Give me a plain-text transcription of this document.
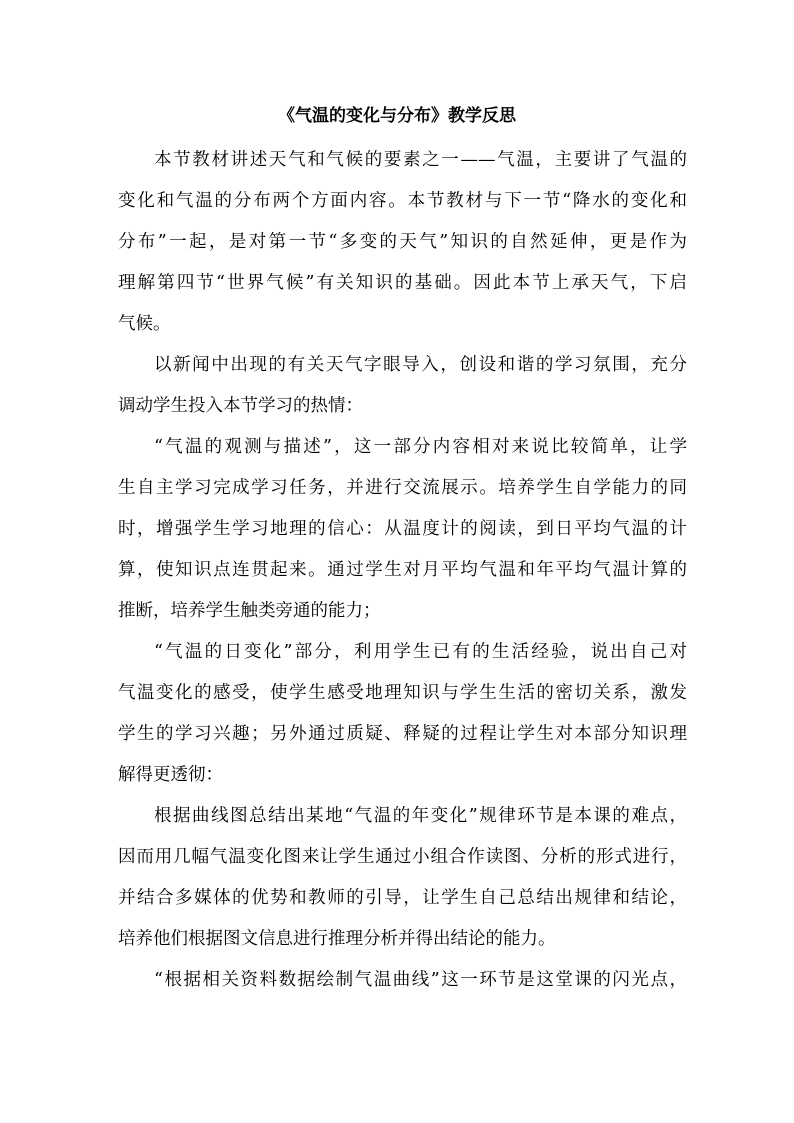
《气温的变化与分布》教学反思
本节教材讲述天气和气候的要素之一——气温，主要讲了气温的
变化和气温的分布两个方面内容。本节教材与下一节“降水的变化和
分布”一起，是对第一节“多变的天气”知识的自然延伸，更是作为
理解第四节“世界气候”有关知识的基础。因此本节上承天气，下启
气候。
以新闻中出现的有关天气字眼导入，创设和谐的学习氛围，充分
调动学生投入本节学习的热情：
“气温的观测与描述”，这一部分内容相对来说比较简单，让学
生自主学习完成学习任务，并进行交流展示。培养学生自学能力的同
时，增强学生学习地理的信心：从温度计的阅读，到日平均气温的计
算，使知识点连贯起来。通过学生对月平均气温和年平均气温计算的
推断，培养学生触类旁通的能力；
“气温的日变化”部分，利用学生已有的生活经验，说出自己对
气温变化的感受，使学生感受地理知识与学生生活的密切关系，激发
学生的学习兴趣；另外通过质疑、释疑的过程让学生对本部分知识理
解得更透彻：
根据曲线图总结出某地“气温的年变化”规律环节是本课的难点，
因而用几幅气温变化图来让学生通过小组合作读图、分析的形式进行，
并结合多媒体的优势和教师的引导，让学生自己总结出规律和结论，
培养他们根据图文信息进行推理分析并得出结论的能力。
“根据相关资料数据绘制气温曲线”这一环节是这堂课的闪光点，
